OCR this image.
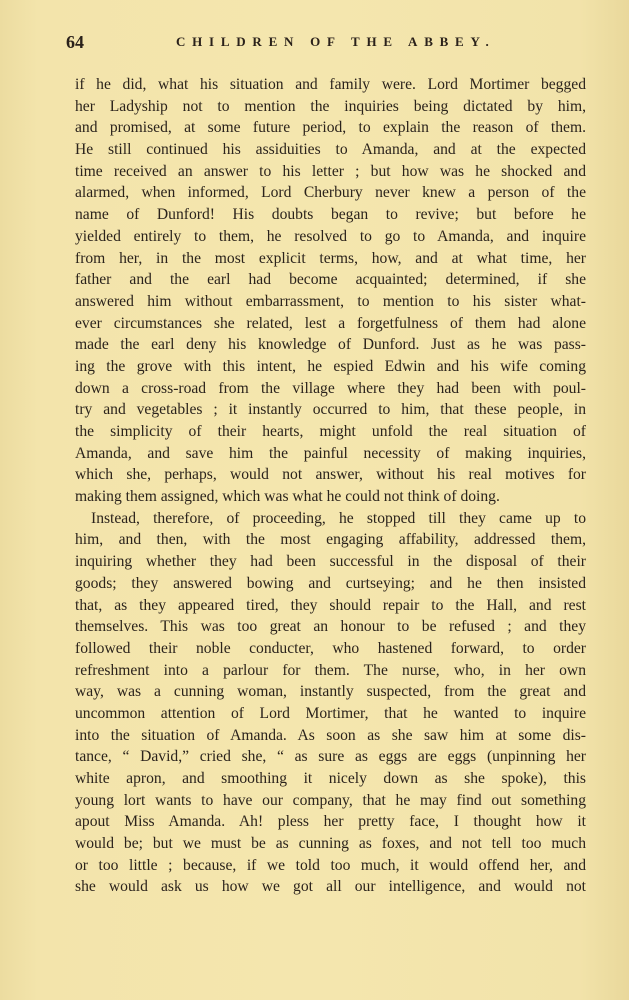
64	CHILDREN OF THE ABBEY.
if he did, what his situation and family were. Lord Mortimer begged
her Ladyship not to mention the inquiries being dictated by him,
and promised, at some future period, to explain the reason of them.
He still continued his assiduities to Amanda, and at the expected
time received an answer to his letter ; but how was he shocked and
alarmed, when informed, Lord Cherbury never knew a person of the
name of Dunford! His doubts began to revive; but before he
yielded entirely to them, he resolved to go to Amanda, and inquire
from her, in the most explicit terms, how, and at what time, her
father and the earl had become acquainted; determined, if she
answered him without embarrassment, to mention to his sister what-
ever circumstances she related, lest a forgetfulness of them had alone
made the earl deny his knowledge of Dunford. Just as he was pass-
ing the grove with this intent, he espied Edwin and his wife coming
down a cross-road from the village where they had been with poul-
try and vegetables ; it instantly occurred to him, that these people, in
the simplicity of their hearts, might unfold the real situation of
Amanda, and save him the painful necessity of making inquiries,
which she, perhaps, would not answer, without his real motives for
making them assigned, which was what he could not think of doing.
Instead, therefore, of proceeding, he stopped till they came up to
him, and then, with the most engaging affability, addressed them,
inquiring whether they had been successful in the disposal of their
goods; they answered bowing and curtseying; and he then insisted
that, as they appeared tired, they should repair to the Hall, and rest
themselves. This was too great an honour to be refused ; and they
followed their noble conducter, who hastened forward, to order
refreshment into a parlour for them. The nurse, who, in her own
way, was a cunning woman, instantly suspected, from the great and
uncommon attention of Lord Mortimer, that he wanted to inquire
into the situation of Amanda. As soon as she saw him at some dis-
tance, “ David,” cried she, “ as sure as eggs are eggs (unpinning her
white apron, and smoothing it nicely down as she spoke), this
young lort wants to have our company, that he may find out something
apout Miss Amanda. Ah! pless her pretty face, I thought how it
would be; but we must be as cunning as foxes, and not tell too much
or too little ; because, if we told too much, it would offend her, and
she would ask us how we got all our intelligence, and would not
